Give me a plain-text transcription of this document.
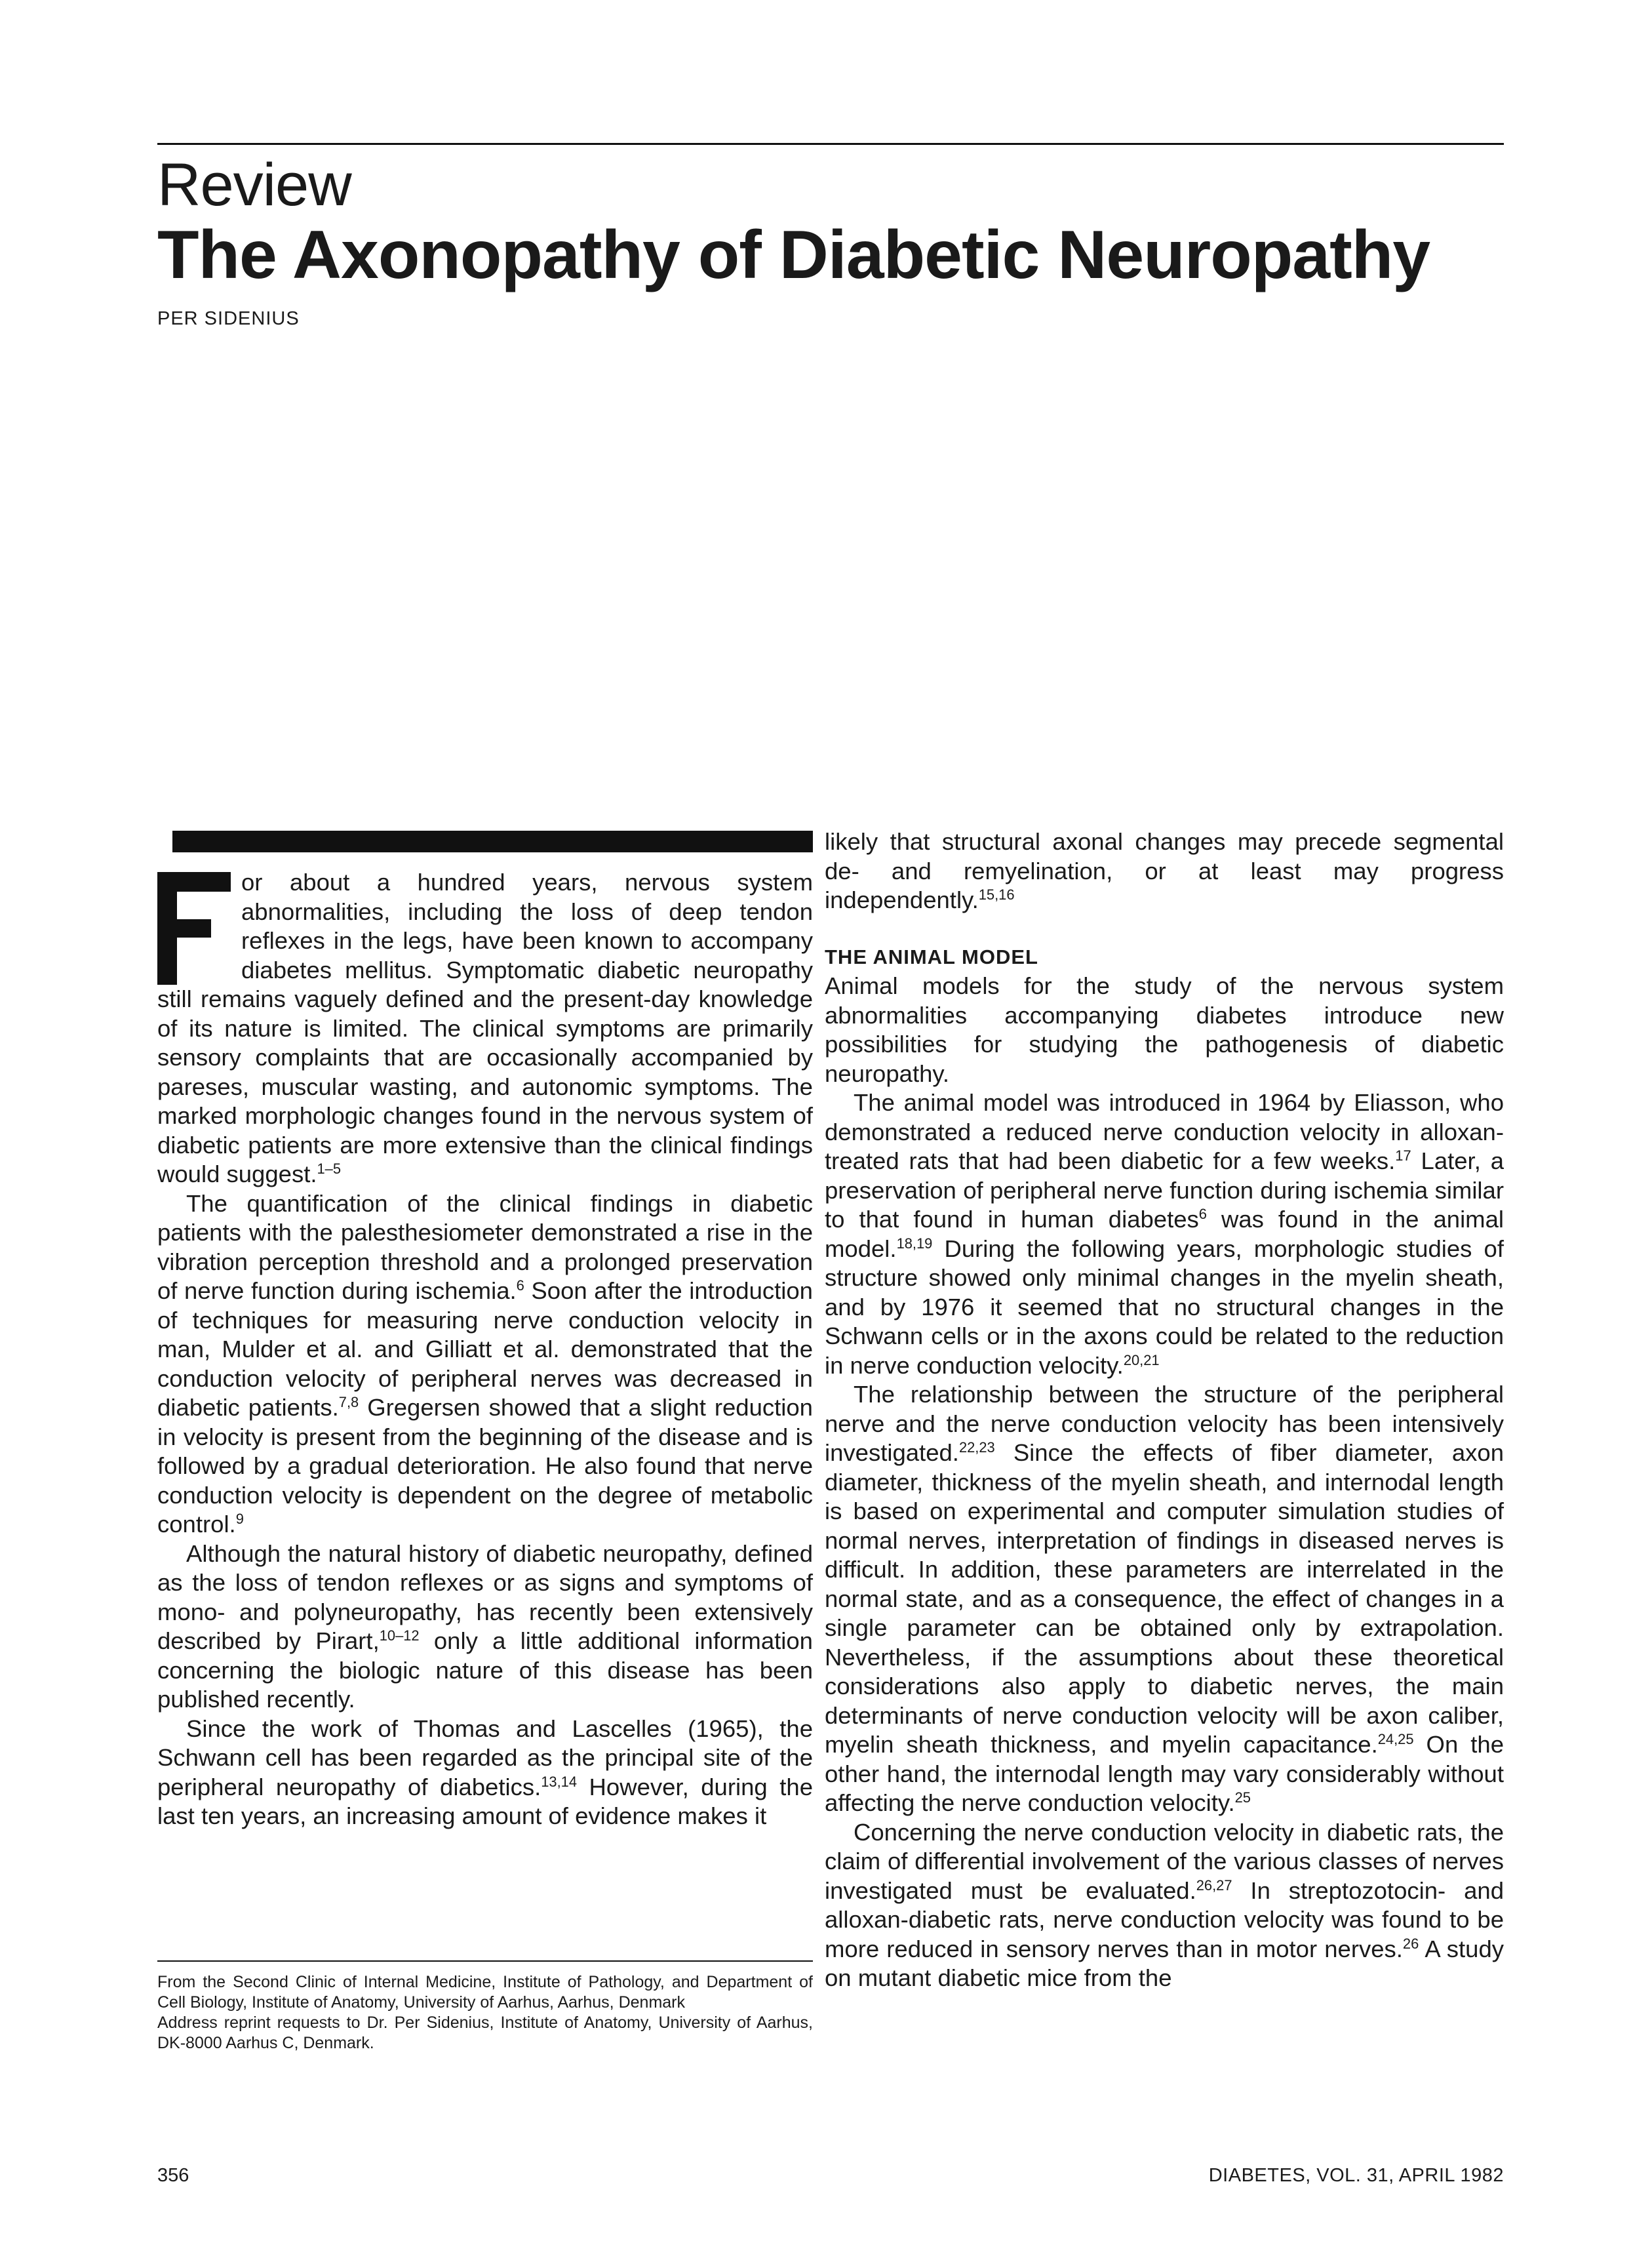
Review
The Axonopathy of Diabetic Neuropathy
PER SIDENIUS

or about a hundred years, nervous system abnormalities, including the loss of deep tendon reflexes in the legs, have been known to accompany diabetes mellitus. Symptomatic diabetic neuropathy still remains vaguely defined and the present-day knowledge of its nature is limited. The clinical symptoms are primarily sensory complaints that are occasionally accompanied by pareses, muscular wasting, and autonomic symptoms. The marked morphologic changes found in the nervous system of diabetic patients are more extensive than the clinical findings would suggest.$^{1-5}$

The quantification of the clinical findings in diabetic patients with the palesthesiometer demonstrated a rise in the vibration perception threshold and a prolonged preservation of nerve function during ischemia.$^6$ Soon after the introduction of techniques for measuring nerve conduction velocity in man, Mulder et al. and Gilliatt et al. demonstrated that the conduction velocity of peripheral nerves was decreased in diabetic patients.$^{7,8}$ Gregersen showed that a slight reduction in velocity is present from the beginning of the disease and is followed by a gradual deterioration. He also found that nerve conduction velocity is dependent on the degree of metabolic control.$^9$

Although the natural history of diabetic neuropathy, defined as the loss of tendon reflexes or as signs and symptoms of mono- and polyneuropathy, has recently been extensively described by Pirart,$^{10-12}$ only a little additional information concerning the biologic nature of this disease has been published recently.

Since the work of Thomas and Lascelles (1965), the Schwann cell has been regarded as the principal site of the peripheral neuropathy of diabetics.$^{13,14}$ However, during the last ten years, an increasing amount of evidence makes it

likely that structural axonal changes may precede segmental de- and remyelination, or at least may progress independently.$^{15,16}$

THE ANIMAL MODEL

Animal models for the study of the nervous system abnormalities accompanying diabetes introduce new possibilities for studying the pathogenesis of diabetic neuropathy.

The animal model was introduced in 1964 by Eliasson, who demonstrated a reduced nerve conduction velocity in alloxan-treated rats that had been diabetic for a few weeks.$^{17}$ Later, a preservation of peripheral nerve function during ischemia similar to that found in human diabetes$^6$ was found in the animal model.$^{18,19}$ During the following years, morphologic studies of structure showed only minimal changes in the myelin sheath, and by 1976 it seemed that no structural changes in the Schwann cells or in the axons could be related to the reduction in nerve conduction velocity.$^{20,21}$

The relationship between the structure of the peripheral nerve and the nerve conduction velocity has been intensively investigated.$^{22,23}$ Since the effects of fiber diameter, axon diameter, thickness of the myelin sheath, and internodal length is based on experimental and computer simulation studies of normal nerves, interpretation of findings in diseased nerves is difficult. In addition, these parameters are interrelated in the normal state, and as a consequence, the effect of changes in a single parameter can be obtained only by extrapolation. Nevertheless, if the assumptions about these theoretical considerations also apply to diabetic nerves, the main determinants of nerve conduction velocity will be axon caliber, myelin sheath thickness, and myelin capacitance.$^{24,25}$ On the other hand, the internodal length may vary considerably without affecting the nerve conduction velocity.$^{25}$

Concerning the nerve conduction velocity in diabetic rats, the claim of differential involvement of the various classes of nerves investigated must be evaluated.$^{26,27}$ In streptozotocin- and alloxan-diabetic rats, nerve conduction velocity was found to be more reduced in sensory nerves than in motor nerves.$^{26}$ A study on mutant diabetic mice from the

From the Second Clinic of Internal Medicine, Institute of Pathology, and Department of Cell Biology, Institute of Anatomy, University of Aarhus, Aarhus, Denmark

Address reprint requests to Dr. Per Sidenius, Institute of Anatomy, University of Aarhus, DK-8000 Aarhus C, Denmark.

356	DIABETES, VOL. 31, APRIL 1982
